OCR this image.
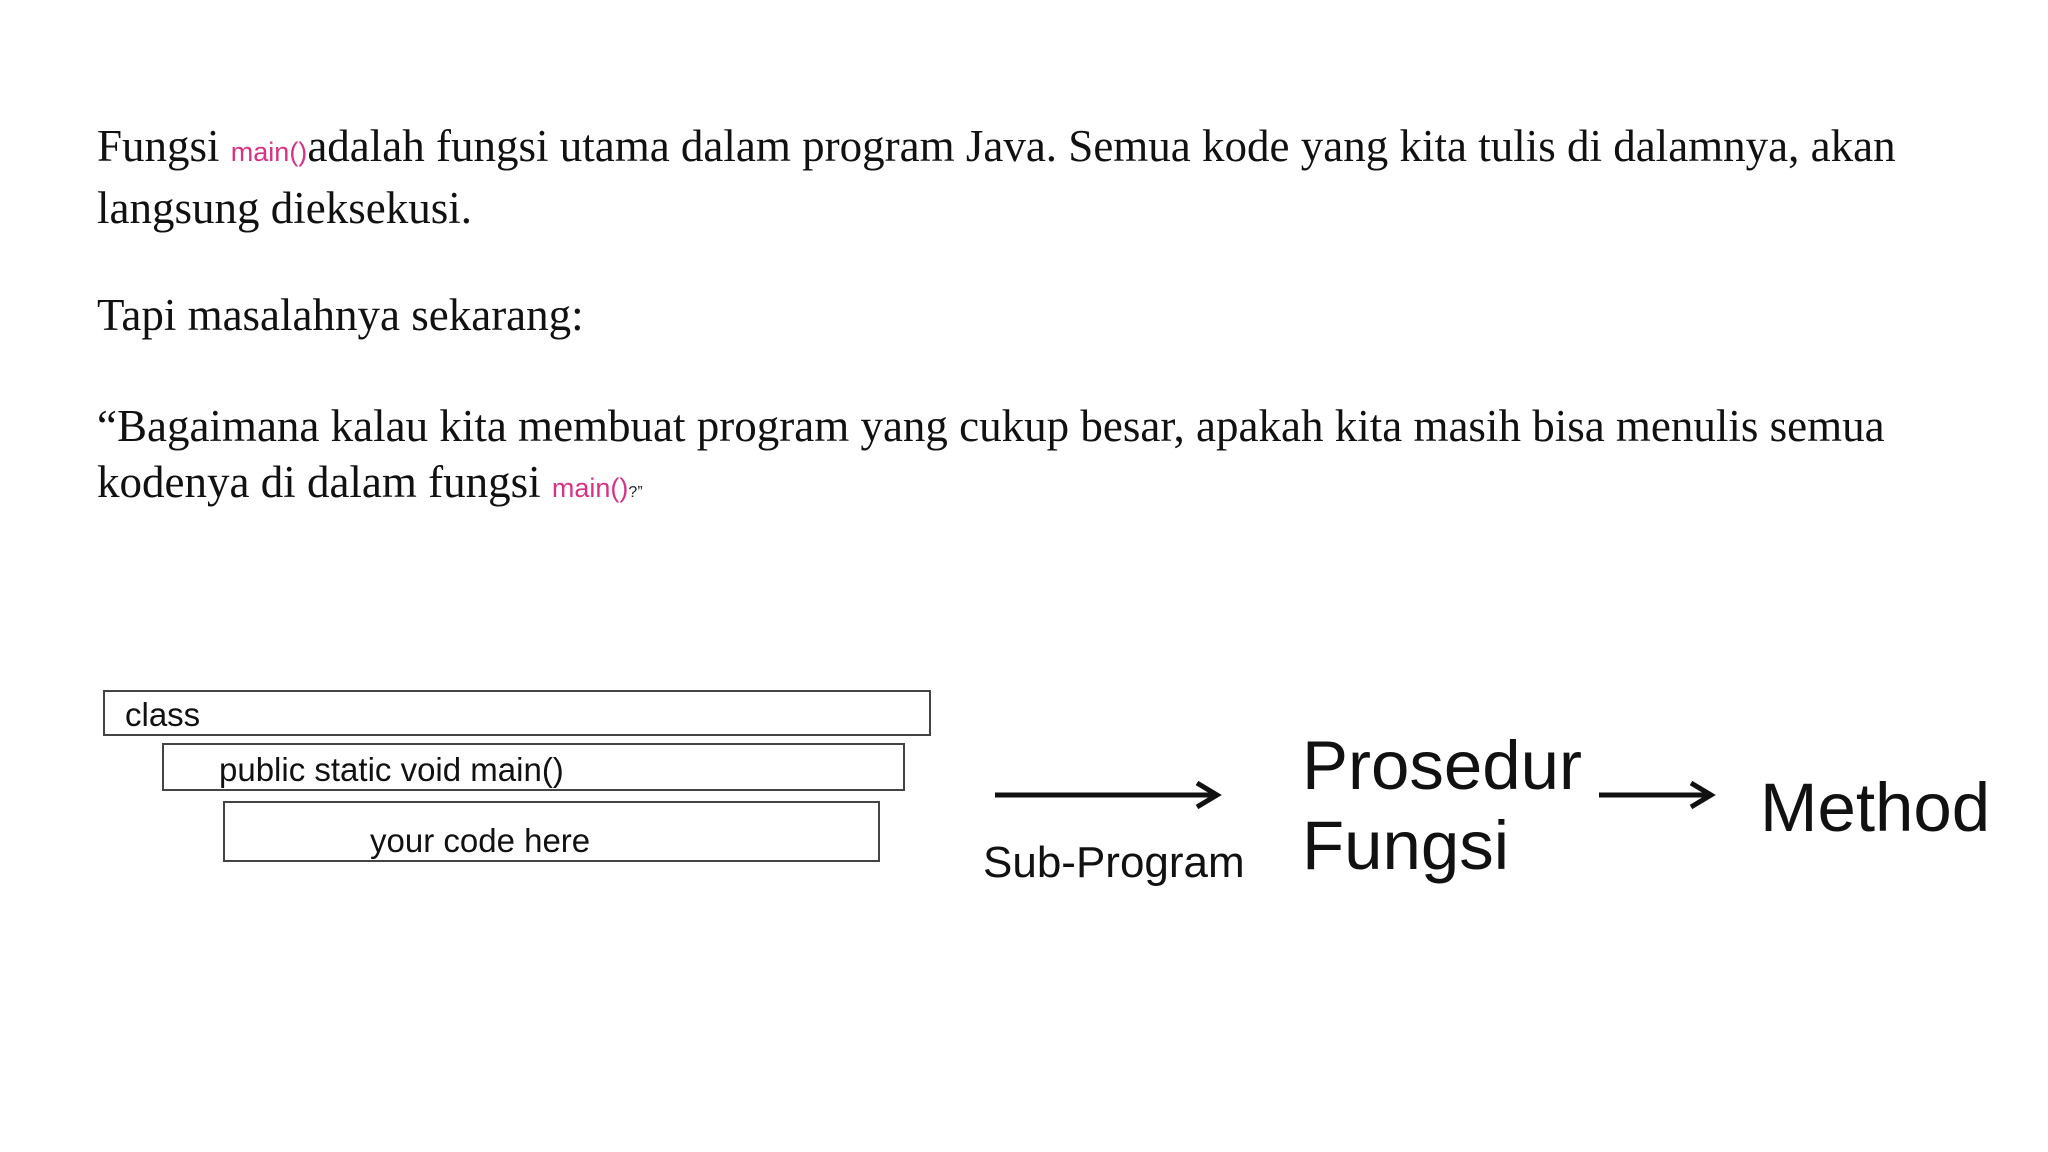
Fungsi main()adalah fungsi utama dalam program Java. Semua kode yang kita tulis di dalamnya, akan langsung dieksekusi.

Tapi masalahnya sekarang:

“Bagaimana kalau kita membuat program yang cukup besar, apakah kita masih bisa menulis semua kodenya di dalam fungsi main()?”

class
public static void main()
your code here	Sub-Program
Prosedur
Fungsi	Method
